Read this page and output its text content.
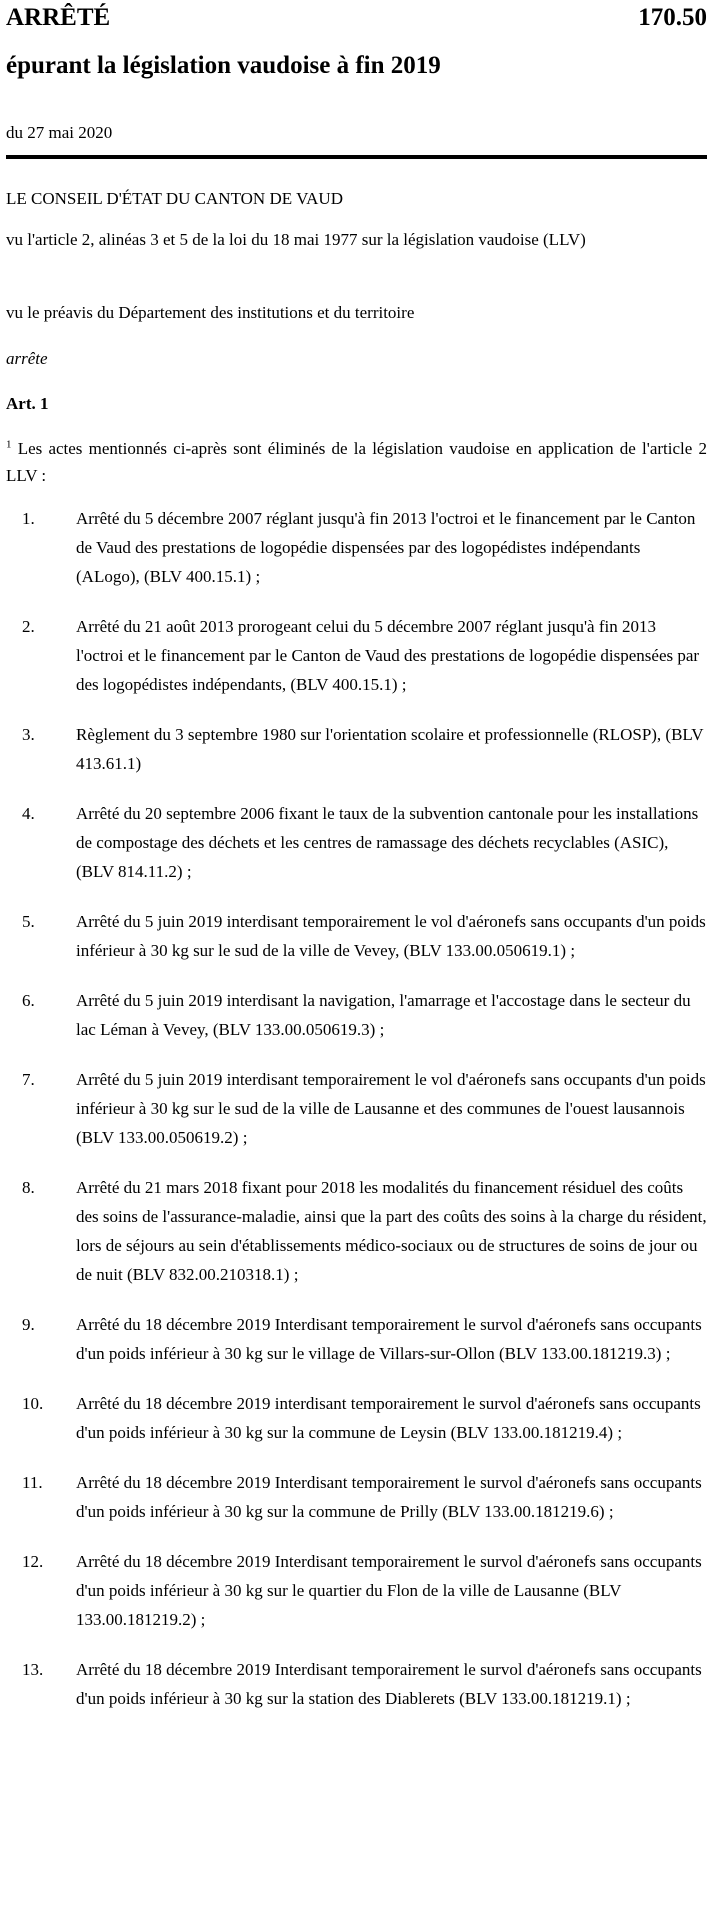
ARRÊTÉ	170.50
épurant la législation vaudoise à fin 2019
du 27 mai 2020
LE CONSEIL D'ÉTAT DU CANTON DE VAUD
vu l'article 2, alinéas 3 et 5 de la loi du 18 mai 1977 sur la législation vaudoise (LLV)
vu le préavis du Département des institutions et du territoire
arrête
Art. 1
$^1$ Les actes mentionnés ci-après sont éliminés de la législation vaudoise en application de l'article 2 LLV :
1. Arrêté du 5 décembre 2007 réglant jusqu'à fin 2013 l'octroi et le financement par le Canton de Vaud des prestations de logopédie dispensées par des logopédistes indépendants (ALogo), (BLV 400.15.1) ;
2. Arrêté du 21 août 2013 prorogeant celui du 5 décembre 2007 réglant jusqu'à fin 2013 l'octroi et le financement par le Canton de Vaud des prestations de logopédie dispensées par des logopédistes indépendants, (BLV 400.15.1) ;
3. Règlement du 3 septembre 1980 sur l'orientation scolaire et professionnelle (RLOSP), (BLV 413.61.1)
4. Arrêté du 20 septembre 2006 fixant le taux de la subvention cantonale pour les installations de compostage des déchets et les centres de ramassage des déchets recyclables (ASIC), (BLV 814.11.2) ;
5. Arrêté du 5 juin 2019 interdisant temporairement le vol d'aéronefs sans occupants d'un poids inférieur à 30 kg sur le sud de la ville de Vevey, (BLV 133.00.050619.1) ;
6. Arrêté du 5 juin 2019 interdisant la navigation, l'amarrage et l'accostage dans le secteur du lac Léman à Vevey, (BLV 133.00.050619.3) ;
7. Arrêté du 5 juin 2019 interdisant temporairement le vol d'aéronefs sans occupants d'un poids inférieur à 30 kg sur le sud de la ville de Lausanne et des communes de l'ouest lausannois (BLV 133.00.050619.2) ;
8. Arrêté du 21 mars 2018 fixant pour 2018 les modalités du financement résiduel des coûts des soins de l'assurance-maladie, ainsi que la part des coûts des soins à la charge du résident, lors de séjours au sein d'établissements médico-sociaux ou de structures de soins de jour ou de nuit (BLV 832.00.210318.1) ;
9. Arrêté du 18 décembre 2019 Interdisant temporairement le survol d'aéronefs sans occupants d'un poids inférieur à 30 kg sur le village de Villars-sur-Ollon (BLV 133.00.181219.3) ;
10. Arrêté du 18 décembre 2019 interdisant temporairement le survol d'aéronefs sans occupants d'un poids inférieur à 30 kg sur la commune de Leysin (BLV 133.00.181219.4) ;
11. Arrêté du 18 décembre 2019 Interdisant temporairement le survol d'aéronefs sans occupants d'un poids inférieur à 30 kg sur la commune de Prilly (BLV 133.00.181219.6) ;
12. Arrêté du 18 décembre 2019 Interdisant temporairement le survol d'aéronefs sans occupants d'un poids inférieur à 30 kg sur le quartier du Flon de la ville de Lausanne (BLV 133.00.181219.2) ;
13. Arrêté du 18 décembre 2019 Interdisant temporairement le survol d'aéronefs sans occupants d'un poids inférieur à 30 kg sur la station des Diablerets (BLV 133.00.181219.1) ;
